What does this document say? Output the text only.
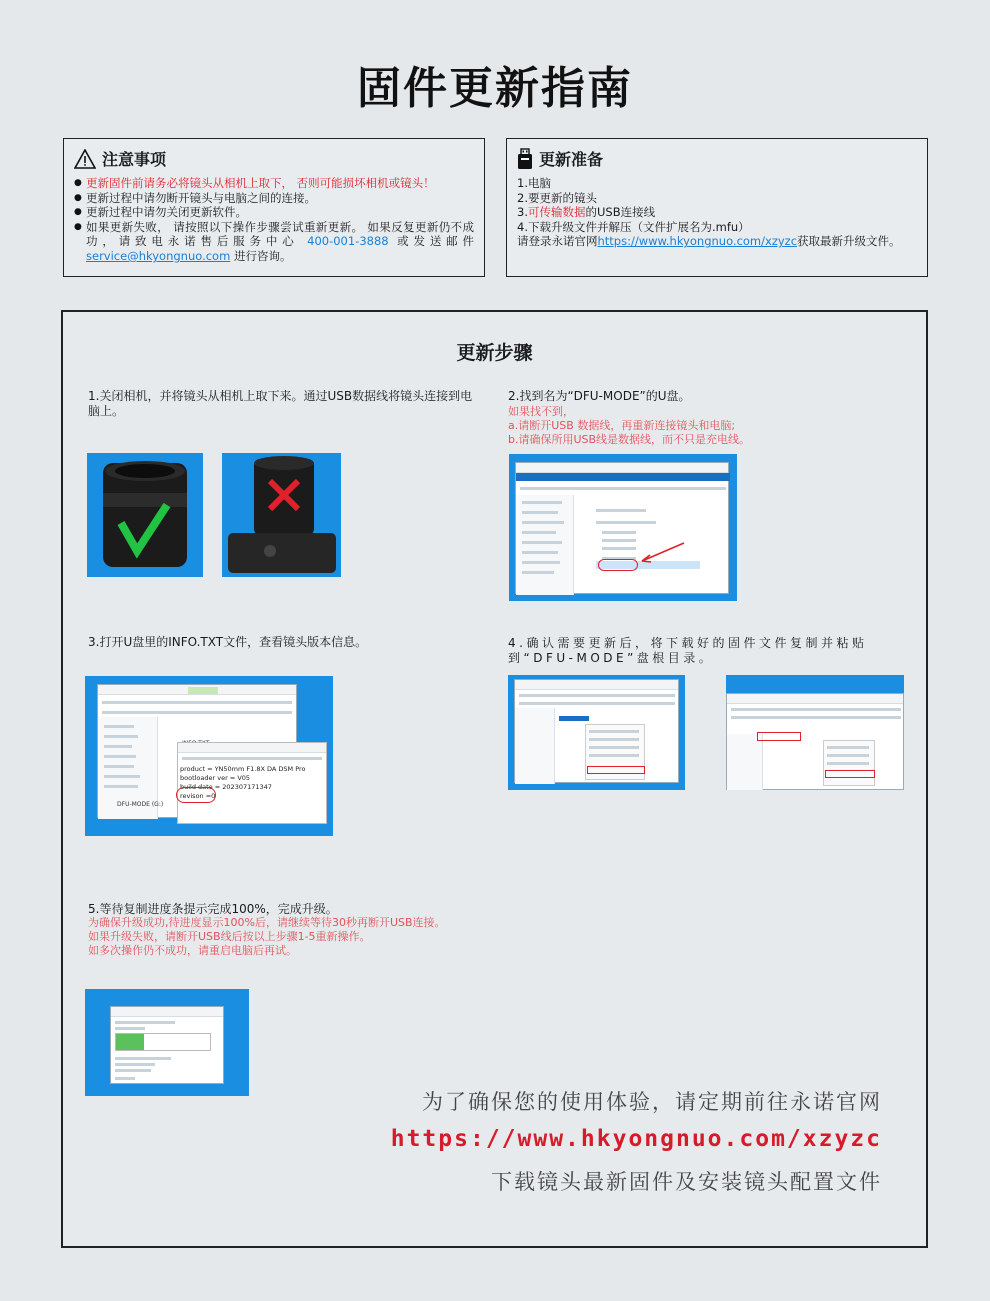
固件更新指南
注意事项
● 更新固件前请务必将镜头从相机上取下， 否则可能损坏相机或镜头！
● 更新过程中请勿断开镜头与电脑之间的连接。
● 更新过程中请勿关闭更新软件。
● 如果更新失败， 请按照以下操作步骤尝试重新更新。 如果反复更新仍不成功，请致电永诺售后服务中心 400-001-3888 或发送邮件 service@hkyongnuo.com 进行咨询。
更新准备
1.电脑
2.要更新的镜头
3.可传输数据的USB连接线
4.下载升级文件并解压（文件扩展名为.mfu）
请登录永诺官网https://www.hkyongnuo.com/xzyzc获取最新升级文件。
更新步骤
1.关闭相机，并将镜头从相机上取下来。通过USB数据线将镜头连接到电脑上。
2.找到名为“DFU-MODE”的U盘。
如果找不到，
a.请断开USB 数据线，再重新连接镜头和电脑;
b.请确保所用USB线是数据线，而不只是充电线。
3.打开U盘里的INFO.TXT文件，查看镜头版本信息。
product = YN50mm F1.8X DA DSM Pro
bootloader ver = V05
build date = 202307171347
revison =0
DFU-MODE (G:)
4.确认需要更新后，将下载好的固件文件复制并粘贴到“DFU-MODE”盘根目录。
5.等待复制进度条提示完成100%，完成升级。
为确保升级成功,待进度显示100%后，请继续等待30秒再断开USB连接。
如果升级失败，请断开USB线后按以上步骤1-5重新操作。
如多次操作仍不成功，请重启电脑后再试。
为了确保您的使用体验，请定期前往永诺官网
https://www.hkyongnuo.com/xzyzc
下载镜头最新固件及安装镜头配置文件
